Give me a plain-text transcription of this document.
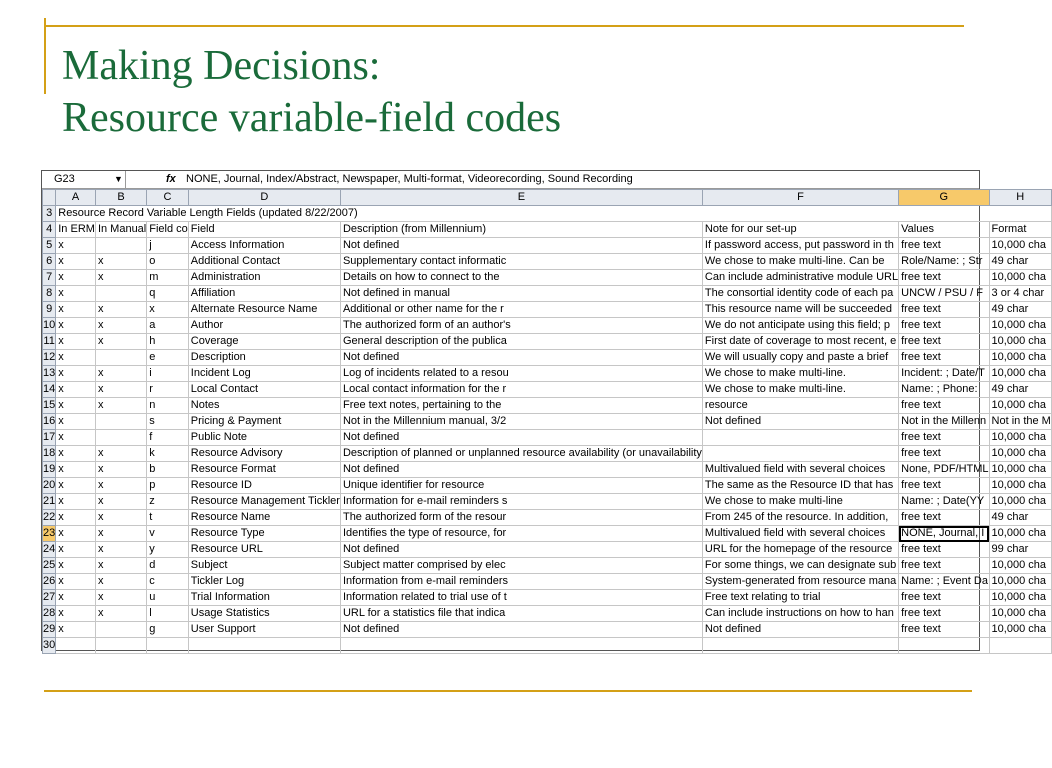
Making Decisions:
Resource variable-field codes
G23	▼	fx NONE, Journal, Index/Abstract, Newspaper, Multi-format, Videorecording, Sound Recording
	A	B	C	D	E	F	G	H
3	Resource Record Variable Length Fields (updated 8/22/2007)							
4	In ERM	In Manual	Field co	Field	Description (from Millennium)	Note for our set-up	Values	Format
5	x		j	Access Information	Not defined	If password access, put password in th	free text	10,000 cha
6	x	x	o	Additional Contact	Supplementary contact informatic	We chose to make multi-line. Can be	Role/Name: ; Str	49 char
7	x	x	m	Administration	Details on how to connect to the	Can include administrative module URL	free text	10,000 cha
8	x		q	Affiliation	Not defined in manual	The consortial identity code of each pa	UNCW / PSU / F	3 or 4 char
9	x	x	x	Alternate Resource Name	Additional or other name for the r	This resource name will be succeeded	free text	49 char
10	x	x	a	Author	The authorized form of an author's	We do not anticipate using this field; p	free text	10,000 cha
11	x	x	h	Coverage	General description of the publica	First date of coverage to most recent, e	free text	10,000 cha
12	x		e	Description	Not defined	We will usually copy and paste a brief	free text	10,000 cha
13	x	x	i	Incident Log	Log of incidents related to a resou	We chose to make multi-line.	Incident: ; Date/T	10,000 cha
14	x	x	r	Local Contact	Local contact information for the r	We chose to make multi-line.	Name: ; Phone:	49 char
15	x	x	n	Notes	Free text notes, pertaining to the	resource	free text	10,000 cha
16	x		s	Pricing & Payment	Not in the Millennium manual, 3/2	Not defined	Not in the Millenn	Not in the M
17	x		f	Public Note	Not defined		free text	10,000 cha
18	x	x	k	Resource Advisory	Description of planned or unplanned resource availability (or unavailability		free text	10,000 cha
19	x	x	b	Resource Format	Not defined	Multivalued field with several choices	None, PDF/HTML	10,000 cha
20	x	x	p	Resource ID	Unique identifier for resource	The same as the Resource ID that has	free text	10,000 cha
21	x	x	z	Resource Management Tickler	Information for e-mail reminders s	We chose to make multi-line	Name: ; Date(YY	10,000 cha
22	x	x	t	Resource Name	The authorized form of the resour	From 245 of the resource. In addition,	free text	49 char
23	x	x	v	Resource Type	Identifies the type of resource, for	Multivalued field with several choices	NONE, Journal, I	10,000 cha
24	x	x	y	Resource URL	Not defined	URL for the homepage of the resource	free text	99 char
25	x	x	d	Subject	Subject matter comprised by elec	For some things, we can designate sub	free text	10,000 cha
26	x	x	c	Tickler Log	Information from e-mail reminders	System-generated from resource mana	Name: ; Event Da	10,000 cha
27	x	x	u	Trial Information	Information related to trial use of t	Free text relating to trial	free text	10,000 cha
28	x	x	l	Usage Statistics	URL for a statistics file that indica	Can include instructions on how to han	free text	10,000 cha
29	x		g	User Support	Not defined	Not defined	free text	10,000 cha
30								
